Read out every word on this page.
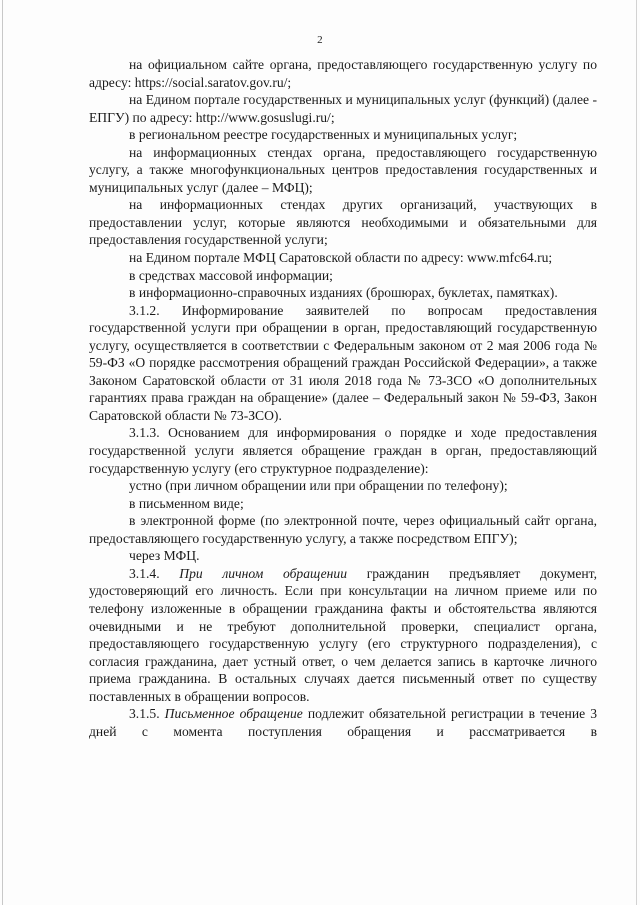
2

на официальном сайте органа, предоставляющего государственную услугу по адресу: https://social.saratov.gov.ru/;

на Едином портале государственных и муниципальных услуг (функций) (далее - ЕПГУ) по адресу: http://www.gosuslugi.ru/;

в региональном реестре государственных и муниципальных услуг;

на информационных стендах органа, предоставляющего государственную услугу, а также многофункциональных центров предоставления государственных и муниципальных услуг (далее – МФЦ);

на информационных стендах других организаций, участвующих в предоставлении услуг, которые являются необходимыми и обязательными для предоставления государственной услуги;

на Едином портале МФЦ Саратовской области по адресу: www.mfc64.ru;

в средствах массовой информации;

в информационно-справочных изданиях (брошюрах, буклетах, памятках).

3.1.2. Информирование заявителей по вопросам предоставления государственной услуги при обращении в орган, предоставляющий государственную услугу, осуществляется в соответствии с Федеральным законом от 2 мая 2006 года № 59-ФЗ «О порядке рассмотрения обращений граждан Российской Федерации», а также Законом Саратовской области от 31 июля 2018 года № 73-ЗСО «О дополнительных гарантиях права граждан на обращение» (далее – Федеральный закон № 59-ФЗ, Закон Саратовской области № 73-ЗСО).

3.1.3. Основанием для информирования о порядке и ходе предоставления государственной услуги является обращение граждан в орган, предоставляющий государственную услугу (его структурное подразделение):

устно (при личном обращении или при обращении по телефону);

в письменном виде;

в электронной форме (по электронной почте, через официальный сайт органа, предоставляющего государственную услугу, а также посредством ЕПГУ);

через МФЦ.

3.1.4. При личном обращении гражданин предъявляет документ, удостоверяющий его личность. Если при консультации на личном приеме или по телефону изложенные в обращении гражданина факты и обстоятельства являются очевидными и не требуют дополнительной проверки, специалист органа, предоставляющего государственную услугу (его структурного подразделения), с согласия гражданина, дает устный ответ, о чем делается запись в карточке личного приема гражданина. В остальных случаях дается письменный ответ по существу поставленных в обращении вопросов.

3.1.5. Письменное обращение подлежит обязательной регистрации в течение 3 дней с момента поступления обращения и рассматривается в
